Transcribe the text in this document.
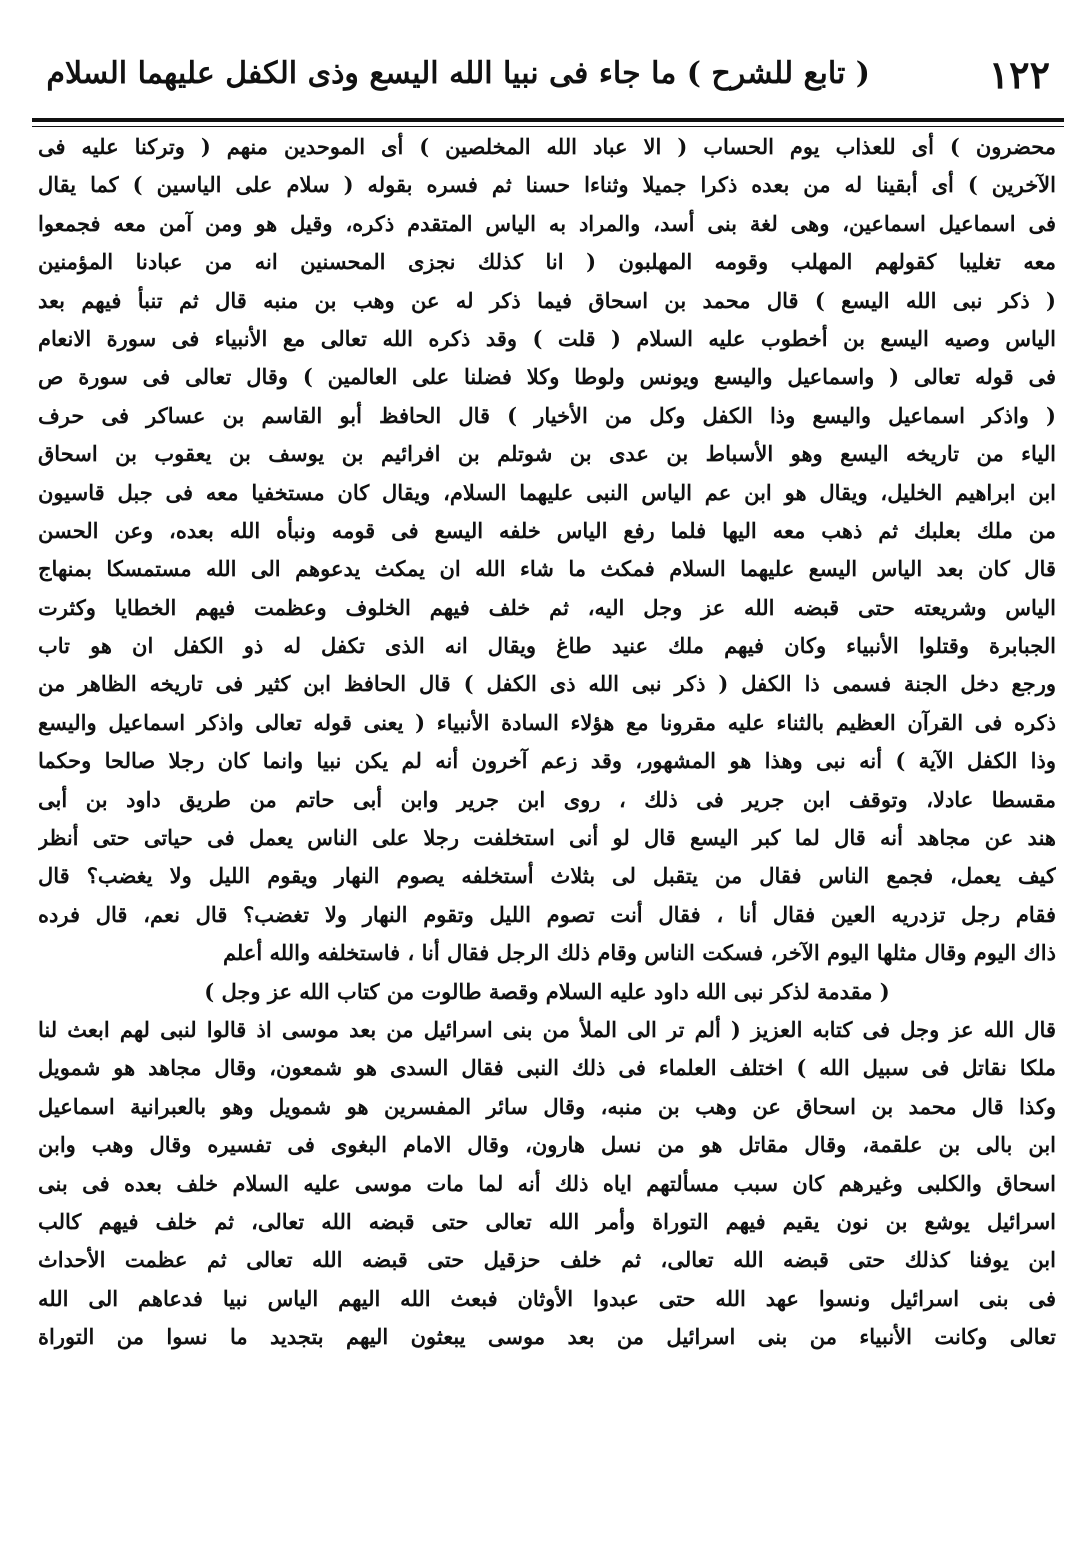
١٢٢
( تابع للشرح ) ما جاء فى نبيا الله اليسع وذى الكفل عليهما السلام
محضرون ) أى للعذاب يوم الحساب ( الا عباد الله المخلصين ) أى الموحدين منهم ( وتركنا عليه فى
الآخرين ) أى أبقينا له من بعده ذكرا جميلا وثناءا حسنا ثم فسره بقوله ( سلام على الياسين ) كما يقال
فى اسماعيل اسماعين، وهى لغة بنى أسد، والمراد به الياس المتقدم ذكره، وقيل هو ومن آمن معه فجمعوا
معه تغليبا كقولهم المهلب وقومه المهلبون ( انا كذلك نجزى المحسنين انه من عبادنا المؤمنين
( ذكر نبى الله اليسع ) قال محمد بن اسحاق فيما ذكر له عن وهب بن منبه قال ثم تنبأ فيهم بعد
الياس وصيه اليسع بن أخطوب عليه السلام ( قلت ) وقد ذكره الله تعالى مع الأنبياء فى سورة الانعام
فى قوله تعالى ( واسماعيل واليسع ويونس ولوطا وكلا فضلنا على العالمين ) وقال تعالى فى سورة ص
( واذكر اسماعيل واليسع وذا الكفل وكل من الأخيار ) قال الحافظ أبو القاسم بن عساكر فى حرف
الياء من تاريخه اليسع وهو الأسباط بن عدى بن شوتلم بن افرائيم بن يوسف بن يعقوب بن اسحاق
ابن ابراهيم الخليل، ويقال هو ابن عم الياس النبى عليهما السلام، ويقال كان مستخفيا معه فى جبل قاسيون
من ملك بعلبك ثم ذهب معه اليها فلما رفع الياس خلفه اليسع فى قومه ونبأه الله بعده، وعن الحسن
قال كان بعد الياس اليسع عليهما السلام فمكث ما شاء الله ان يمكث يدعوهم الى الله مستمسكا بمنهاج
الياس وشريعته حتى قبضه الله عز وجل اليه، ثم خلف فيهم الخلوف وعظمت فيهم الخطايا وكثرت
الجبابرة وقتلوا الأنبياء وكان فيهم ملك عنيد طاغ ويقال انه الذى تكفل له ذو الكفل ان هو تاب
ورجع دخل الجنة فسمى ذا الكفل ( ذكر نبى الله ذى الكفل ) قال الحافظ ابن كثير فى تاريخه الظاهر من
ذكره فى القرآن العظيم بالثناء عليه مقرونا مع هؤلاء السادة الأنبياء ( يعنى قوله تعالى واذكر اسماعيل واليسع
وذا الكفل الآية ) أنه نبى وهذا هو المشهور، وقد زعم آخرون أنه لم يكن نبيا وانما كان رجلا صالحا وحكما
مقسطا عادلا، وتوقف ابن جرير فى ذلك ، روى ابن جرير وابن أبى حاتم من طريق داود بن أبى
هند عن مجاهد أنه قال لما كبر اليسع قال لو أنى استخلفت رجلا على الناس يعمل فى حياتى حتى أنظر
كيف يعمل، فجمع الناس فقال من يتقبل لى بثلاث أستخلفه يصوم النهار ويقوم الليل ولا يغضب؟ قال
فقام رجل تزدريه العين فقال أنا ، فقال أنت تصوم الليل وتقوم النهار ولا تغضب؟ قال نعم، قال فرده
ذاك اليوم وقال مثلها اليوم الآخر، فسكت الناس وقام ذلك الرجل فقال أنا ، فاستخلفه والله أعلم
( مقدمة لذكر نبى الله داود عليه السلام وقصة طالوت من كتاب الله عز وجل )
قال الله عز وجل فى كتابه العزيز ( ألم تر الى الملأ من بنى اسرائيل من بعد موسى اذ قالوا لنبى لهم ابعث لنا
ملكا نقاتل فى سبيل الله ) اختلف العلماء فى ذلك النبى فقال السدى هو شمعون، وقال مجاهد هو شمويل
وكذا قال محمد بن اسحاق عن وهب بن منبه، وقال سائر المفسرين هو شمويل وهو بالعبرانية اسماعيل
ابن بالى بن علقمة، وقال مقاتل هو من نسل هارون، وقال الامام البغوى فى تفسيره وقال وهب وابن
اسحاق والكلبى وغيرهم كان سبب مسألتهم اياه ذلك أنه لما مات موسى عليه السلام خلف بعده فى بنى
اسرائيل يوشع بن نون يقيم فيهم التوراة وأمر الله تعالى حتى قبضه الله تعالى، ثم خلف فيهم كالب
ابن يوفنا كذلك حتى قبضه الله تعالى، ثم خلف حزقيل حتى قبضه الله تعالى ثم عظمت الأحداث
فى بنى اسرائيل ونسوا عهد الله حتى عبدوا الأوثان فبعث الله اليهم الياس نبيا فدعاهم الى الله
تعالى وكانت الأنبياء من بنى اسرائيل من بعد موسى يبعثون اليهم بتجديد ما نسوا من التوراة
